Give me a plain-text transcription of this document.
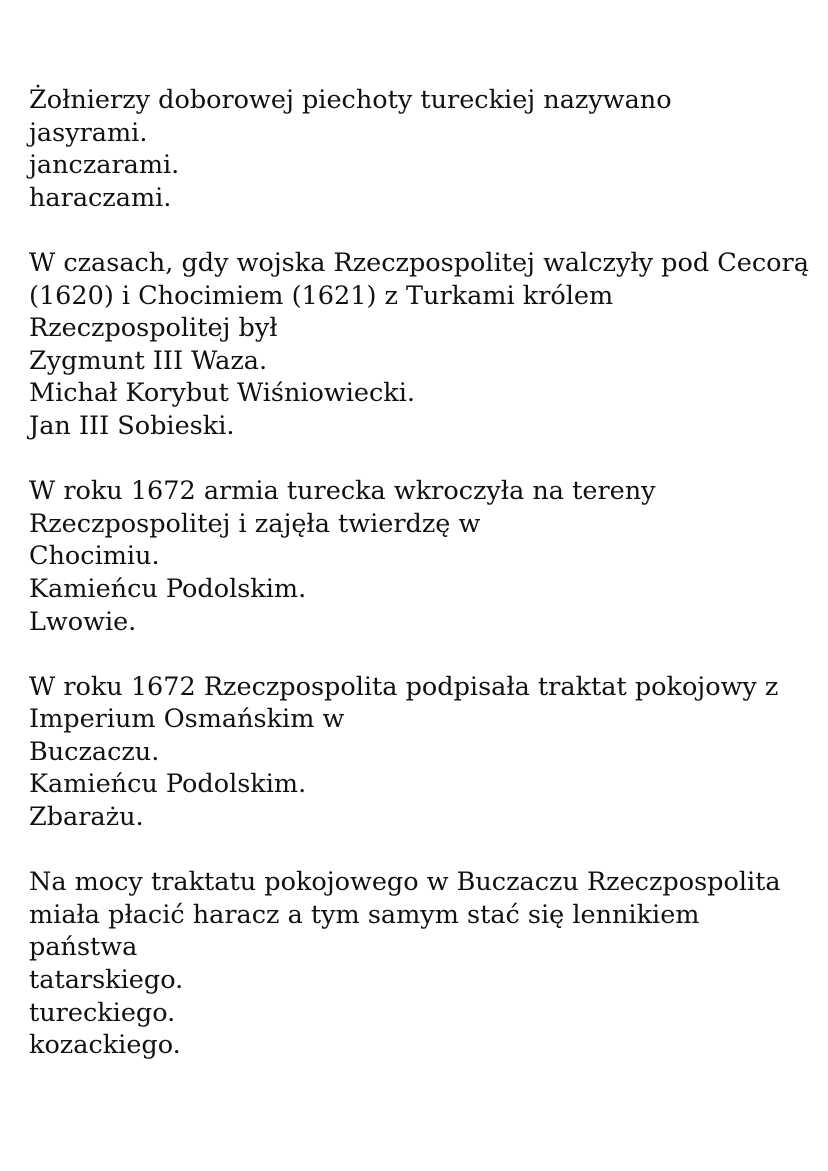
Żołnierzy doborowej piechoty tureckiej nazywano

jasyrami.
janczarami.
haraczami.

W czasach, gdy wojska Rzeczpospolitej walczyły pod Cecorą (1620) i Chocimiem (1621) z Turkami królem Rzeczpospolitej był

Zygmunt III Waza.
Michał Korybut Wiśniowiecki.
Jan III Sobieski.

W roku 1672 armia turecka wkroczyła na tereny Rzeczpospolitej i zajęła twierdzę w

Chocimiu.
Kamieńcu Podolskim.
Lwowie.

W roku 1672 Rzeczpospolita podpisała traktat pokojowy z Imperium Osmańskim w

Buczaczu.
Kamieńcu Podolskim.
Zbarażu.

Na mocy traktatu pokojowego w Buczaczu Rzeczpospolita miała płacić haracz a tym samym stać się lennikiem państwa

tatarskiego.
tureckiego.
kozackiego.
